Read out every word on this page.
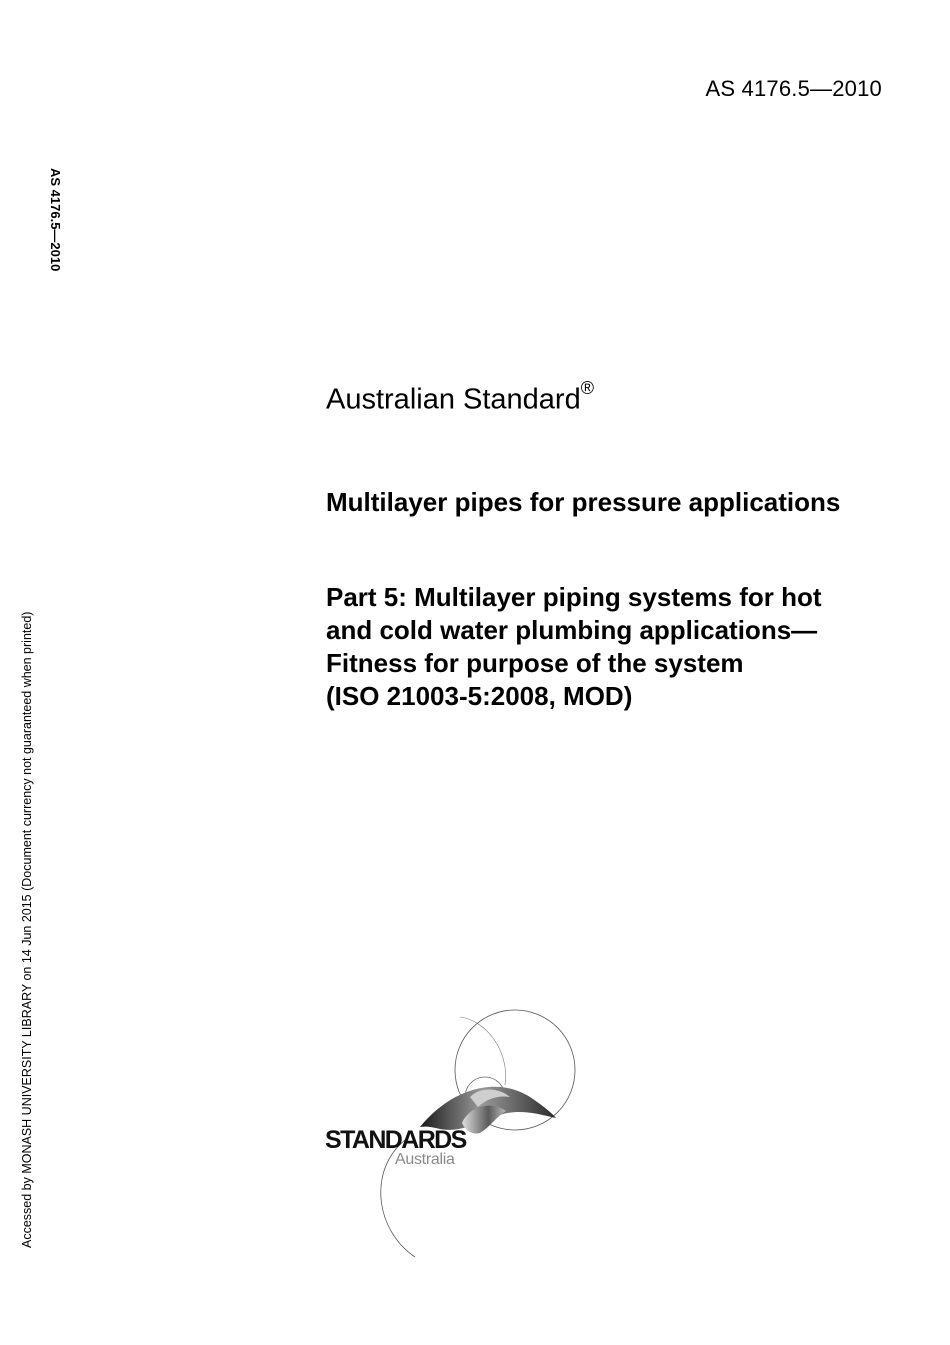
AS 4176.5—2010
AS 4176.5—2010
Accessed by MONASH UNIVERSITY LIBRARY on 14 Jun 2015 (Document currency not guaranteed when printed)
Australian Standard®
Multilayer pipes for pressure applications
Part 5: Multilayer piping systems for hot
and cold water plumbing applications—
Fitness for purpose of the system
(ISO 21003-5:2008, MOD)
STANDARDS
Australia
